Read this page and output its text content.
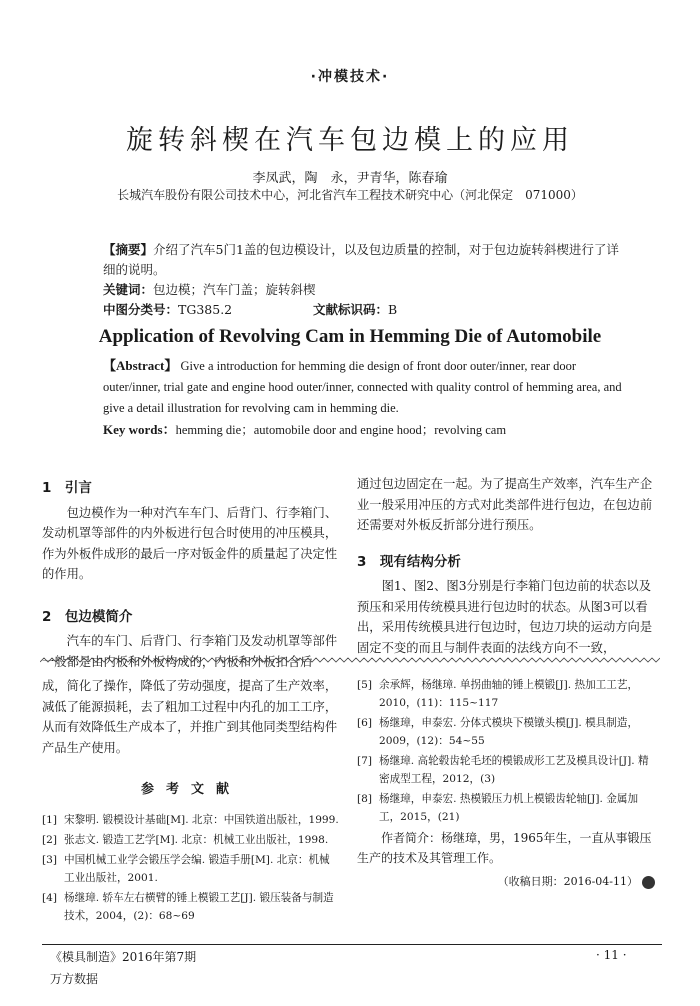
·冲模技术·
旋转斜楔在汽车包边模上的应用
李凤武，陶　永，尹青华，陈春瑜
长城汽车股份有限公司技术中心，河北省汽车工程技术研究中心（河北保定　071000）
【摘要】介绍了汽车5门1盖的包边模设计，以及包边质量的控制，对于包边旋转斜楔进行了详细的说明。
关键词：包边模；汽车门盖；旋转斜楔
中图分类号：TG385.2	文献标识码：B
Application of Revolving Cam in Hemming Die of Automobile
【Abstract】 Give a introduction for hemming die design of front door outer/inner, rear door outer/inner, trial gate and engine hood outer/inner, connected with quality control of hemming area, and give a detail illustration for revolving cam in hemming die.
Key words：hemming die；automobile door and engine hood；revolving cam
1　引言

包边模作为一种对汽车车门、后背门、行李箱门、发动机罩等部件的内外板进行包合时使用的冲压模具，作为外板件成形的最后一序对钣金件的质量起了决定性的作用。

2　包边模简介

汽车的车门、后背门、行李箱门及发动机罩等部件一般都是由内板和外板构成的，内板和外板扣合后

通过包边固定在一起。为了提高生产效率，汽车生产企业一般采用冲压的方式对此类部件进行包边，在包边前还需要对外板反折部分进行预压。

3　现有结构分析

图1、图2、图3分别是行李箱门包边前的状态以及预压和采用传统模具进行包边时的状态。从图3可以看出，采用传统模具进行包边时，包边刀块的运动方向是固定不变的而且与制件表面的法线方向不一致，

成，简化了操作，降低了劳动强度，提高了生产效率，减低了能源损耗，去了粗加工过程中内孔的加工工序，从而有效降低生产成本了，并推广到其他同类型结构件产品生产使用。

参考文献
[1] 宋黎明. 锻模设计基础[M]. 北京：中国铁道出版社，1999.
[2] 张志文. 锻造工艺学[M]. 北京：机械工业出版社，1998.
[3] 中国机械工业学会锻压学会编. 锻造手册[M]. 北京：机械工业出版社，2001.
[4] 杨继璋. 轿车左右横臂的锤上模锻工艺[J]. 锻压装备与制造技术，2004，(2)：68~69
[5] 余承辉，杨继璋. 单拐曲轴的锤上模锻[J]. 热加工工艺，2010，(11)：115~117
[6] 杨继璋，申泰宏. 分体式模块下模镦头模[J]. 模具制造，2009，(12)：54~55
[7] 杨继璋. 高轮毂齿轮毛坯的模锻成形工艺及模具设计[J]. 精密成型工程，2012，(3)
[8] 杨继璋，申泰宏. 热模锻压力机上模锻齿轮轴[J]. 金属加工，2015，(21)
作者简介：杨继璋，男，1965年生，一直从事锻压生产的技术及其管理工作。
（收稿日期：2016-04-11）
《模具制造》2016年第7期	· 11 ·
万方数据
